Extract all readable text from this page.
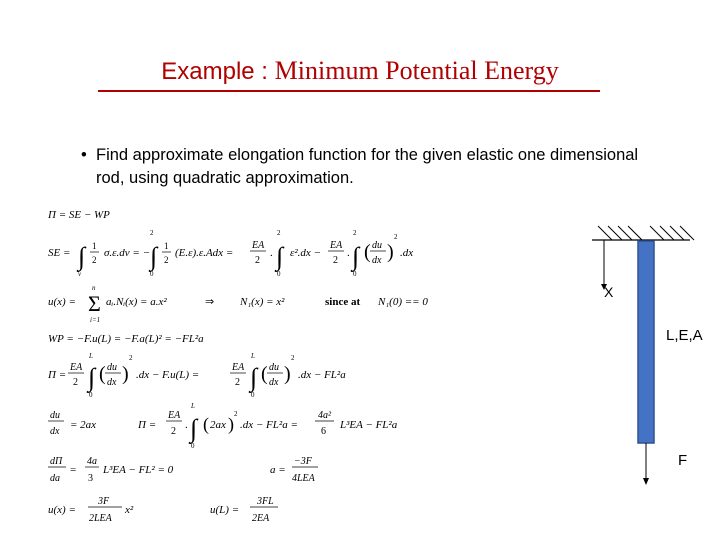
Example : Minimum Potential Energy
• Find approximate elongation function for the given elastic one dimensional rod, using quadratic approximation.
Π = SE − WP
SE = ∫
v
1
2
σ.ε.dv = − ∫
2
0
1
2
(E.ε).ε.Adx =
EA
2
. ∫
2
0
ε².dx −
EA
2
. ∫
2
0
( du
dx )
2
.dx
u(x) = Σ
n
i=1
aᵢ.Nᵢ(x) = a.x²	⇒ N₁(x) = x²	since at N₁(0) == 0
WP = −F.u(L) = −F.a(L)² = −FL²a
Π =
EA
2 ∫
L
0
( du
dx )
2
.dx − F.u(L) =
EA
2 ∫
L
0
( du
dx )
2
.dx − FL²a
du
dx
= 2ax	Π =
EA
2
. ∫
L
0
( 2ax ) 2
.dx − FL²a =
4a²
6
L³EA − FL²a
dΠ
da
=
4a
3
L³EA − FL² = 0	a =
−3F
4LEA
u(x) =
3F
2LEA
x²	u(L) =
3FL
2EA
X
L,E,A
F
